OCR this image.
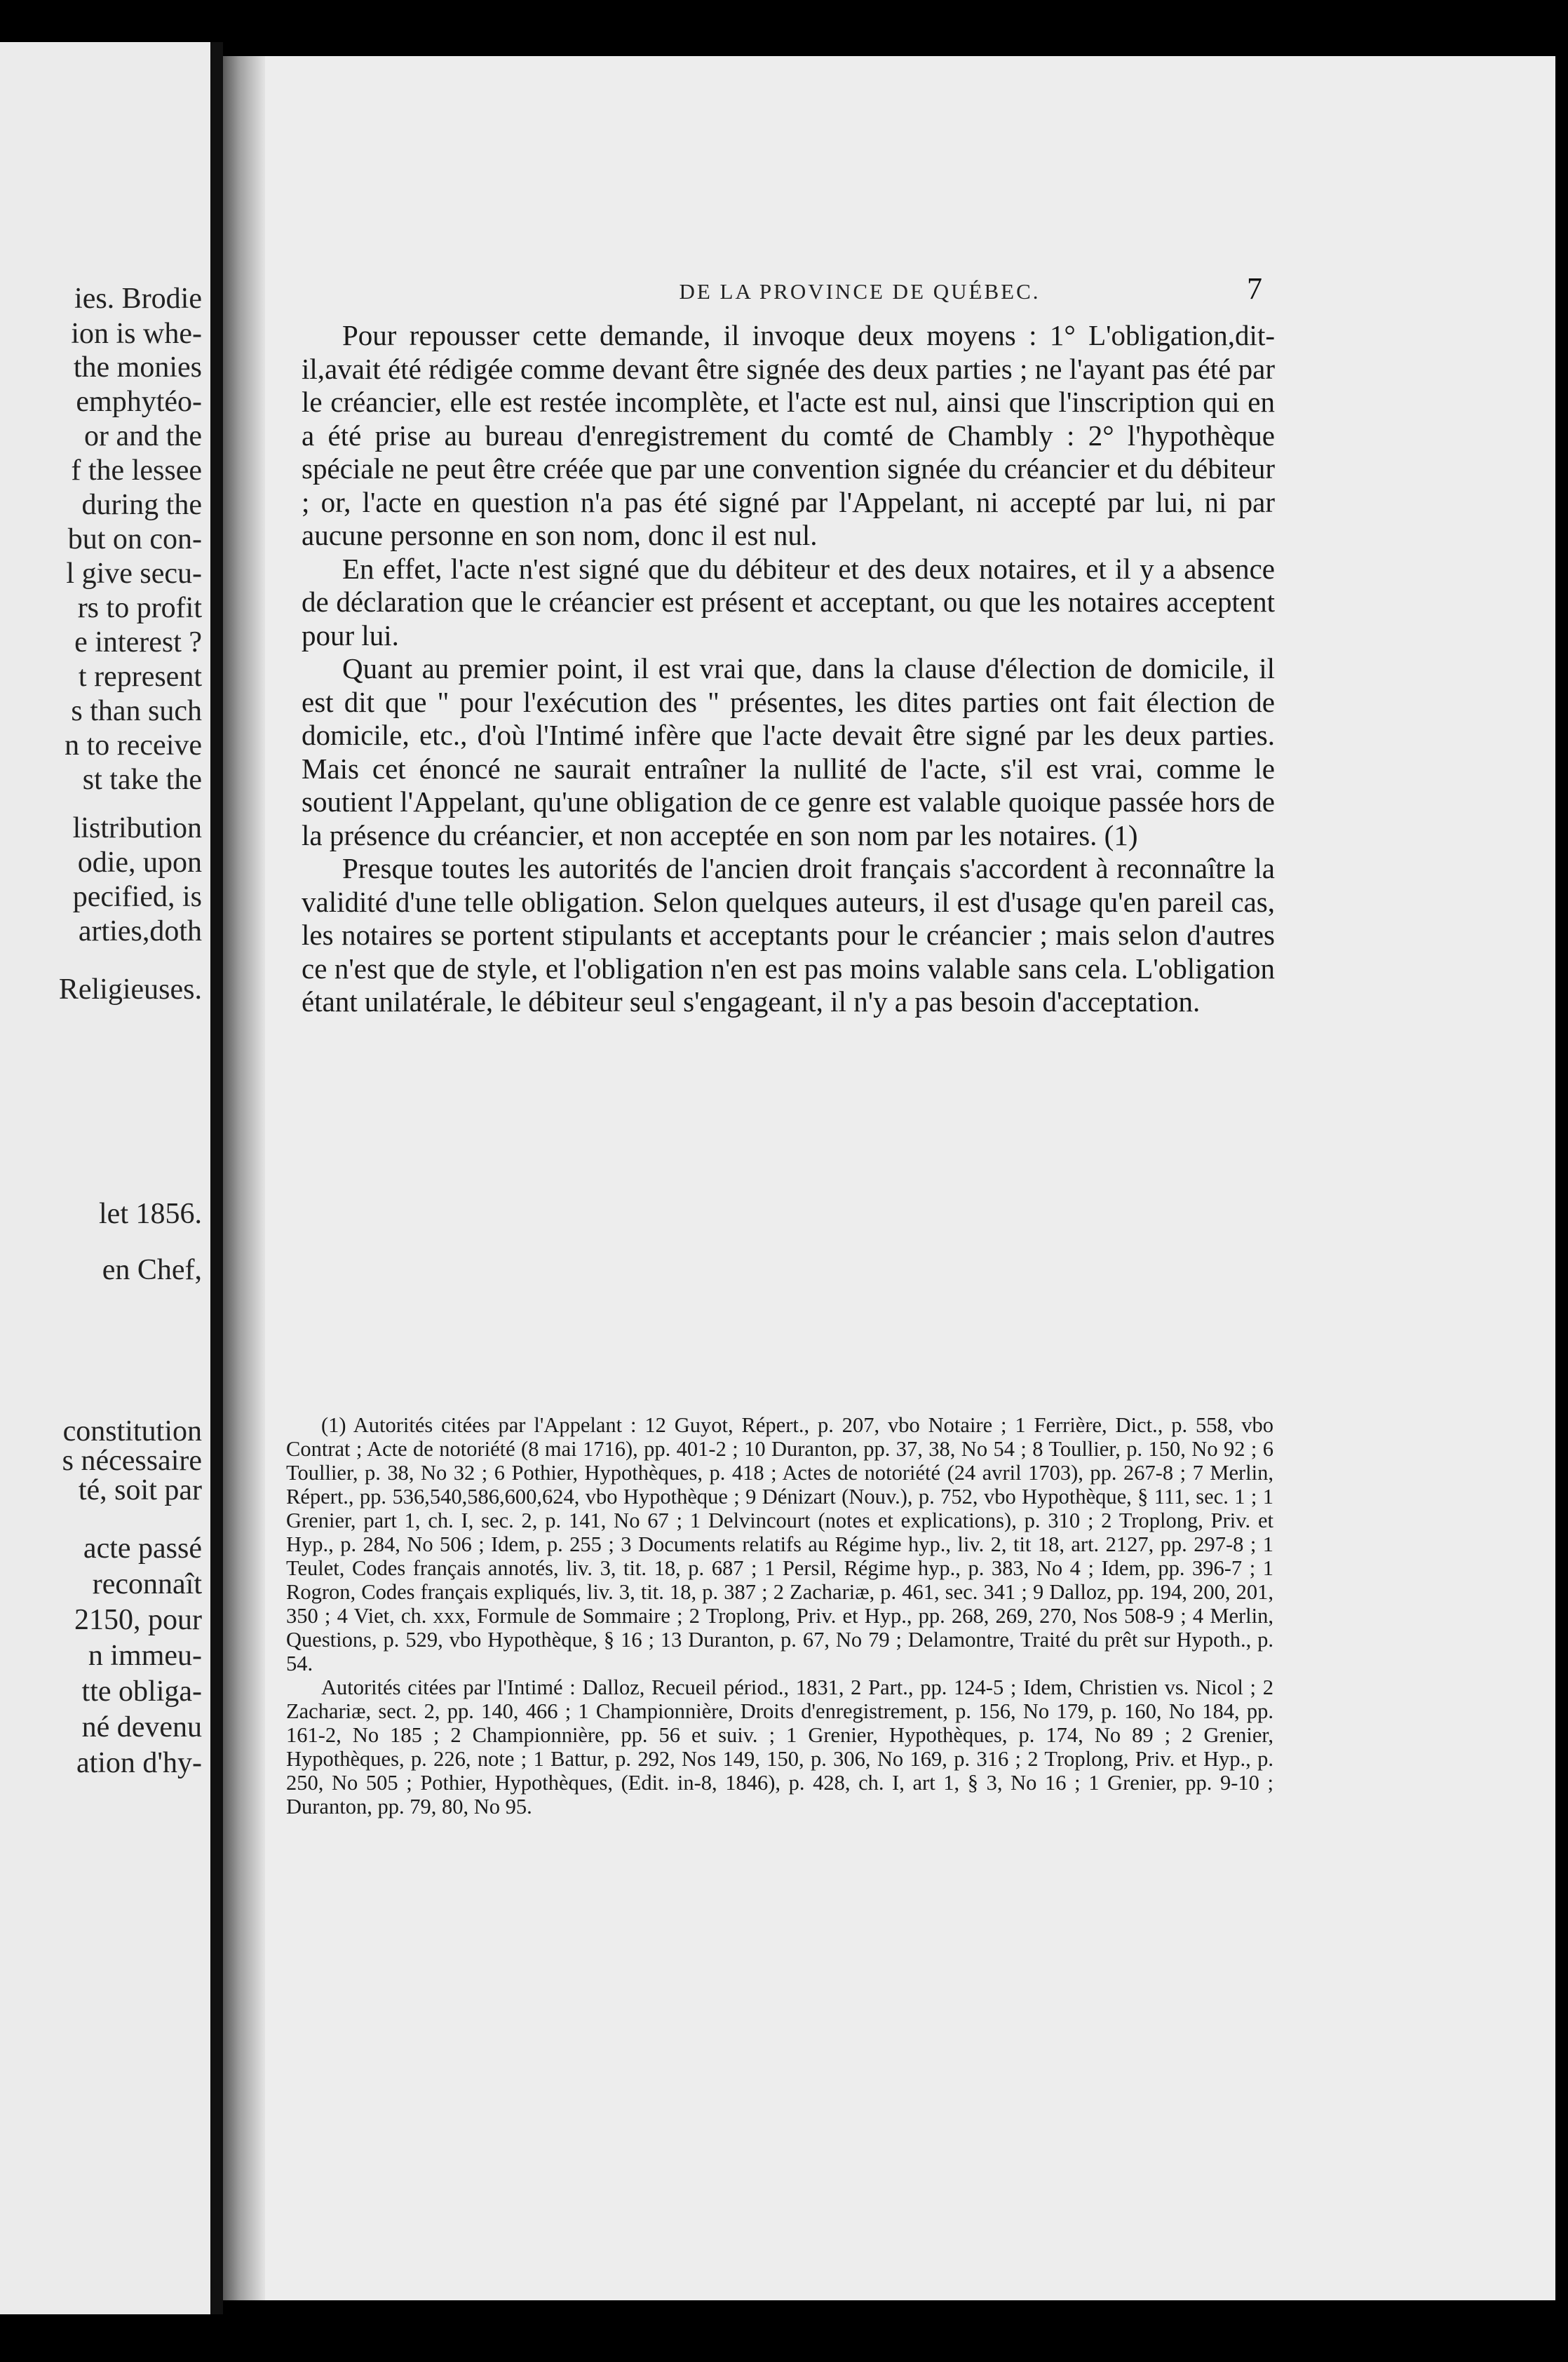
ies. Brodie
ion is whe-
the monies
emphytéo-
or and the
f the lessee
during the
but on con-
l give secu-
rs to profit
e interest ?
t represent
s than such
n to receive
st take the
listribution
odie, upon
pecified, is
arties,doth
Religieuses.
let 1856.
en Chef,
constitution
s nécessaire
té, soit par
acte passé
reconnaît
2150, pour
n immeu-
tte obliga-
né devenu
ation d'hy-
DE LA PROVINCE DE QUÉBEC.	7

Pour repousser cette demande, il invoque deux moyens : 1° L'obligation,dit-il,avait été rédigée comme devant être signée des deux parties ; ne l'ayant pas été par le créancier, elle est restée incomplète, et l'acte est nul, ainsi que l'inscription qui en a été prise au bureau d'enregistrement du comté de Chambly : 2° l'hypothèque spéciale ne peut être créée que par une convention signée du créancier et du débiteur ; or, l'acte en question n'a pas été signé par l'Appelant, ni accepté par lui, ni par aucune personne en son nom, donc il est nul.

En effet, l'acte n'est signé que du débiteur et des deux notaires, et il y a absence de déclaration que le créancier est présent et acceptant, ou que les notaires acceptent pour lui.

Quant au premier point, il est vrai que, dans la clause d'élection de domicile, il est dit que " pour l'exécution des " présentes, les dites parties ont fait élection de domicile, etc., d'où l'Intimé infère que l'acte devait être signé par les deux parties. Mais cet énoncé ne saurait entraîner la nullité de l'acte, s'il est vrai, comme le soutient l'Appelant, qu'une obligation de ce genre est valable quoique passée hors de la présence du créancier, et non acceptée en son nom par les notaires. (1)

Presque toutes les autorités de l'ancien droit français s'accordent à reconnaître la validité d'une telle obligation. Selon quelques auteurs, il est d'usage qu'en pareil cas, les notaires se portent stipulants et acceptants pour le créancier ; mais selon d'autres ce n'est que de style, et l'obligation n'en est pas moins valable sans cela. L'obligation étant unilatérale, le débiteur seul s'engageant, il n'y a pas besoin d'acceptation.

(1) Autorités citées par l'Appelant : 12 Guyot, Répert., p. 207, vbo Notaire ; 1 Ferrière, Dict., p. 558, vbo Contrat ; Acte de notoriété (8 mai 1716), pp. 401-2 ; 10 Duranton, pp. 37, 38, No 54 ; 8 Toullier, p. 150, No 92 ; 6 Toullier, p. 38, No 32 ; 6 Pothier, Hypothèques, p. 418 ; Actes de notoriété (24 avril 1703), pp. 267-8 ; 7 Merlin, Répert., pp. 536,540,586,600,624, vbo Hypothèque ; 9 Dénizart (Nouv.), p. 752, vbo Hypothèque, § 111, sec. 1 ; 1 Grenier, part 1, ch. I, sec. 2, p. 141, No 67 ; 1 Delvincourt (notes et explications), p. 310 ; 2 Troplong, Priv. et Hyp., p. 284, No 506 ; Idem, p. 255 ; 3 Documents relatifs au Régime hyp., liv. 2, tit 18, art. 2127, pp. 297-8 ; 1 Teulet, Codes français annotés, liv. 3, tit. 18, p. 687 ; 1 Persil, Régime hyp., p. 383, No 4 ; Idem, pp. 396-7 ; 1 Rogron, Codes français expliqués, liv. 3, tit. 18, p. 387 ; 2 Zachariæ, p. 461, sec. 341 ; 9 Dalloz, pp. 194, 200, 201, 350 ; 4 Viet, ch. xxx, Formule de Sommaire ; 2 Troplong, Priv. et Hyp., pp. 268, 269, 270, Nos 508-9 ; 4 Merlin, Questions, p. 529, vbo Hypothèque, § 16 ; 13 Duranton, p. 67, No 79 ; Delamontre, Traité du prêt sur Hypoth., p. 54.

Autorités citées par l'Intimé : Dalloz, Recueil périod., 1831, 2 Part., pp. 124-5 ; Idem, Christien vs. Nicol ; 2 Zachariæ, sect. 2, pp. 140, 466 ; 1 Championnière, Droits d'enregistrement, p. 156, No 179, p. 160, No 184, pp. 161-2, No 185 ; 2 Championnière, pp. 56 et suiv. ; 1 Grenier, Hypothèques, p. 174, No 89 ; 2 Grenier, Hypothèques, p. 226, note ; 1 Battur, p. 292, Nos 149, 150, p. 306, No 169, p. 316 ; 2 Troplong, Priv. et Hyp., p. 250, No 505 ; Pothier, Hypothèques, (Edit. in-8, 1846), p. 428, ch. I, art 1, § 3, No 16 ; 1 Grenier, pp. 9-10 ; Duranton, pp. 79, 80, No 95.
